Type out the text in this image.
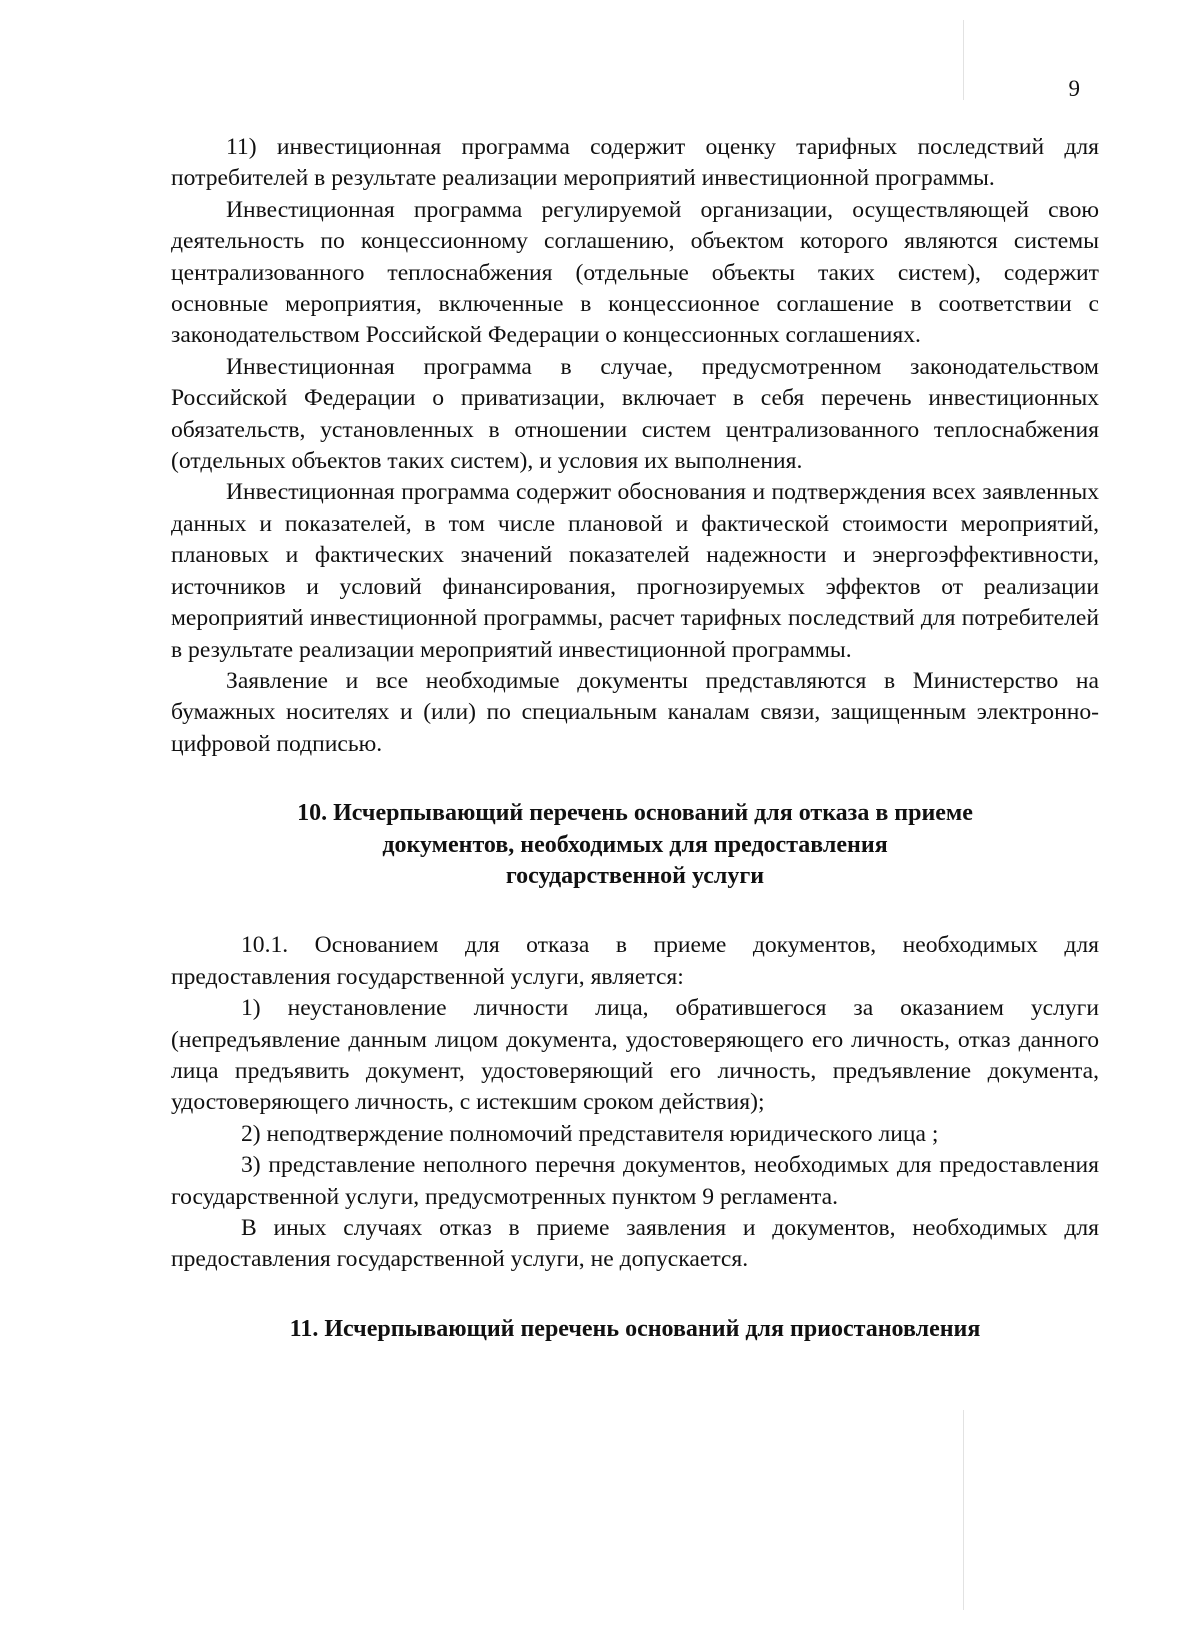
9

11) инвестиционная программа содержит оценку тарифных последствий для потребителей в результате реализации мероприятий инвестиционной программы.

Инвестиционная программа регулируемой организации, осуществляющей свою деятельность по концессионному соглашению, объектом которого являются системы централизованного теплоснабжения (отдельные объекты таких систем), содержит основные мероприятия, включенные в концессионное соглашение в соответствии с законодательством Российской Федерации о концессионных соглашениях.

Инвестиционная программа в случае, предусмотренном законодательством Российской Федерации о приватизации, включает в себя перечень инвестиционных обязательств, установленных в отношении систем централизованного теплоснабжения (отдельных объектов таких систем), и условия их выполнения.

Инвестиционная программа содержит обоснования и подтверждения всех заявленных данных и показателей, в том числе плановой и фактической стоимости мероприятий, плановых и фактических значений показателей надежности и энергоэффективности, источников и условий финансирования, прогнозируемых эффектов от реализации мероприятий инвестиционной программы, расчет тарифных последствий для потребителей в результате реализации мероприятий инвестиционной программы.

Заявление и все необходимые документы представляются в Министерство на бумажных носителях и (или) по специальным каналам связи, защищенным электронно-цифровой подписью.

10. Исчерпывающий перечень оснований для отказа в приеме
документов, необходимых для предоставления
государственной услуги

10.1. Основанием для отказа в приеме документов, необходимых для предоставления государственной услуги, является:

1) неустановление личности лица, обратившегося за оказанием услуги (непредъявление данным лицом документа, удостоверяющего его личность, отказ данного лица предъявить документ, удостоверяющий его личность, предъявление документа, удостоверяющего личность, с истекшим сроком действия);

2) неподтверждение полномочий представителя юридического лица ;

3) представление неполного перечня документов, необходимых для предоставления государственной услуги, предусмотренных пунктом 9 регламента.

В иных случаях отказ в приеме заявления и документов, необходимых для предоставления государственной услуги, не допускается.

11. Исчерпывающий перечень оснований для приостановления
